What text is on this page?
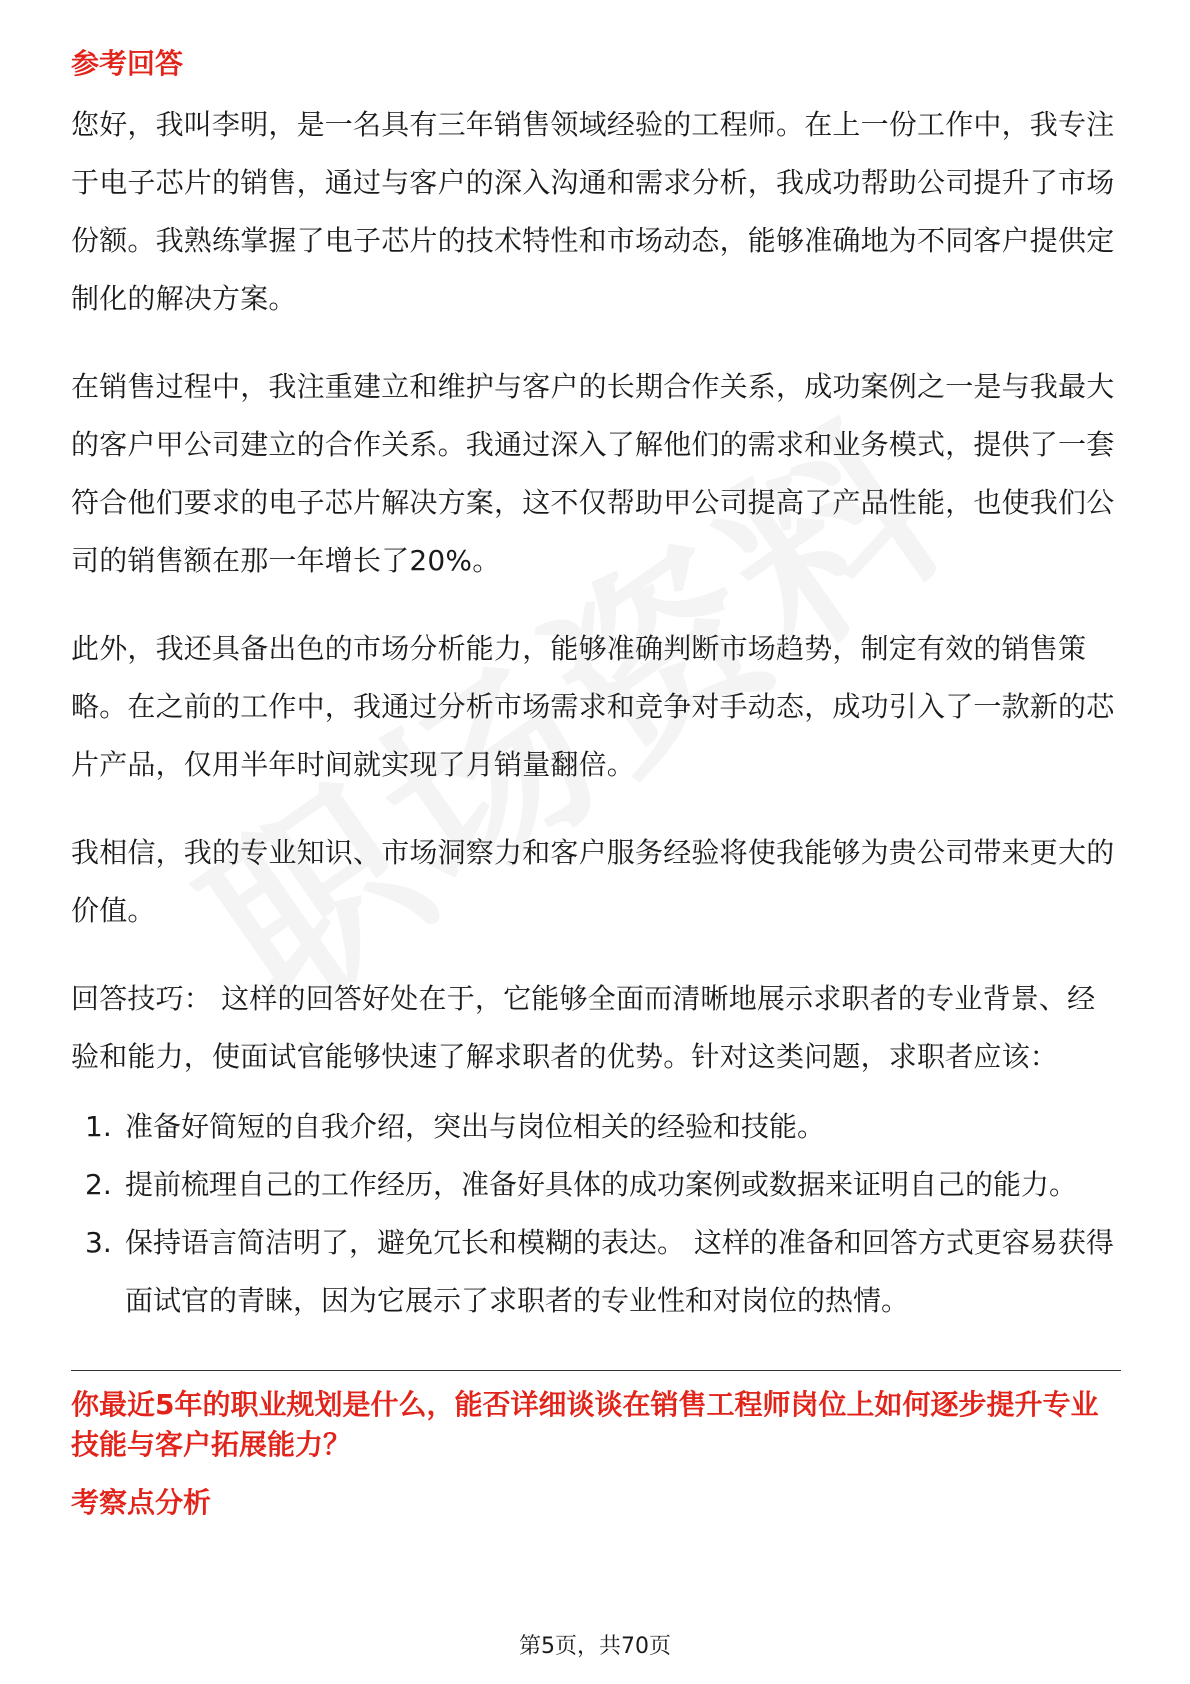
参考回答

您好，我叫李明，是一名具有三年销售领域经验的工程师。在上一份工作中，我专注于电子芯片的销售，通过与客户的深入沟通和需求分析，我成功帮助公司提升了市场份额。我熟练掌握了电子芯片的技术特性和市场动态，能够准确地为不同客户提供定制化的解决方案。

在销售过程中，我注重建立和维护与客户的长期合作关系，成功案例之一是与我最大的客户甲公司建立的合作关系。我通过深入了解他们的需求和业务模式，提供了一套符合他们要求的电子芯片解决方案，这不仅帮助甲公司提高了产品性能，也使我们公司的销售额在那一年增长了20%。

此外，我还具备出色的市场分析能力，能够准确判断市场趋势，制定有效的销售策略。在之前的工作中，我通过分析市场需求和竞争对手动态，成功引入了一款新的芯片产品，仅用半年时间就实现了月销量翻倍。

我相信，我的专业知识、市场洞察力和客户服务经验将使我能够为贵公司带来更大的价值。

回答技巧： 这样的回答好处在于，它能够全面而清晰地展示求职者的专业背景、经验和能力，使面试官能够快速了解求职者的优势。针对这类问题，求职者应该：

1. 准备好简短的自我介绍，突出与岗位相关的经验和技能。
2. 提前梳理自己的工作经历，准备好具体的成功案例或数据来证明自己的能力。
3. 保持语言简洁明了，避免冗长和模糊的表达。 这样的准备和回答方式更容易获得面试官的青睐，因为它展示了求职者的专业性和对岗位的热情。

你最近5年的职业规划是什么，能否详细谈谈在销售工程师岗位上如何逐步提升专业技能与客户拓展能力？

考察点分析
第5页，共70页
